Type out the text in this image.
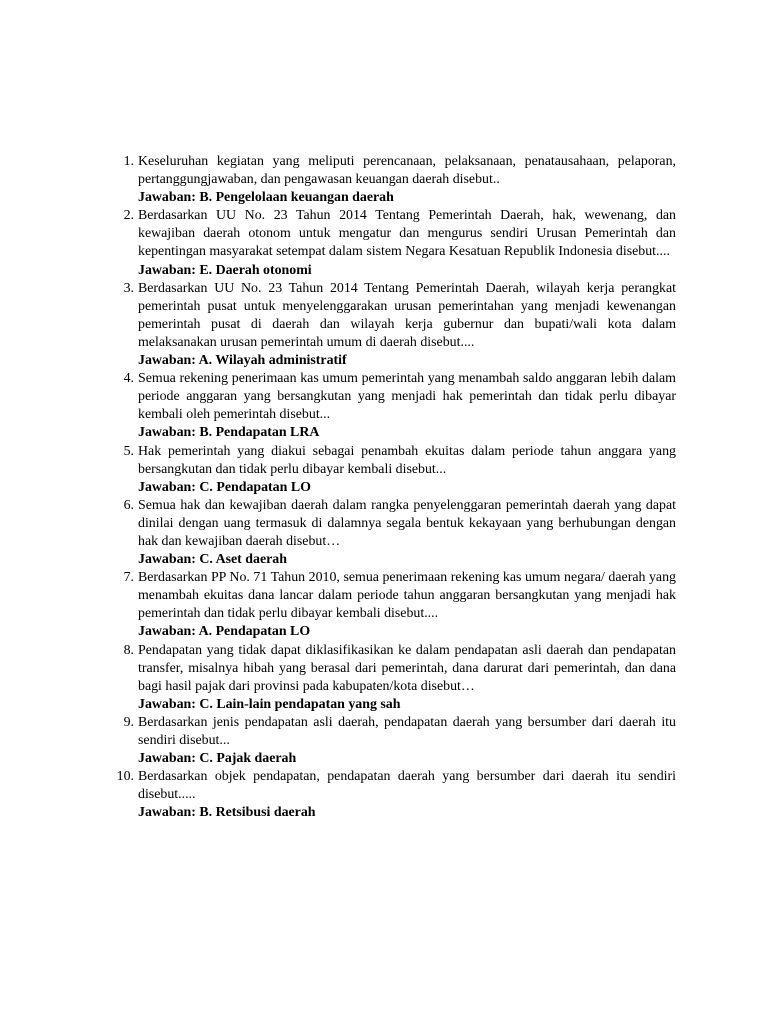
1. Keseluruhan kegiatan yang meliputi perencanaan, pelaksanaan, penatausahaan, pelaporan, pertanggungjawaban, dan pengawasan keuangan daerah disebut..
Jawaban: B. Pengelolaan keuangan daerah
2. Berdasarkan UU No. 23 Tahun 2014 Tentang Pemerintah Daerah, hak, wewenang, dan kewajiban daerah otonom untuk mengatur dan mengurus sendiri Urusan Pemerintah dan kepentingan masyarakat setempat dalam sistem Negara Kesatuan Republik Indonesia disebut....
Jawaban: E. Daerah otonomi
3. Berdasarkan UU No. 23 Tahun 2014 Tentang Pemerintah Daerah, wilayah kerja perangkat pemerintah pusat untuk menyelenggarakan urusan pemerintahan yang menjadi kewenangan pemerintah pusat di daerah dan wilayah kerja gubernur dan bupati/wali kota dalam melaksanakan urusan pemerintah umum di daerah disebut....
Jawaban: A. Wilayah administratif
4. Semua rekening penerimaan kas umum pemerintah yang menambah saldo anggaran lebih dalam periode anggaran yang bersangkutan yang menjadi hak pemerintah dan tidak perlu dibayar kembali oleh pemerintah disebut...
Jawaban: B. Pendapatan LRA
5. Hak pemerintah yang diakui sebagai penambah ekuitas dalam periode tahun anggara yang bersangkutan dan tidak perlu dibayar kembali disebut...
Jawaban: C. Pendapatan LO
6. Semua hak dan kewajiban daerah dalam rangka penyelenggaran pemerintah daerah yang dapat dinilai dengan uang termasuk di dalamnya segala bentuk kekayaan yang berhubungan dengan hak dan kewajiban daerah disebut…
Jawaban: C. Aset daerah
7. Berdasarkan PP No. 71 Tahun 2010, semua penerimaan rekening kas umum negara/ daerah yang menambah ekuitas dana lancar dalam periode tahun anggaran bersangkutan yang menjadi hak pemerintah dan tidak perlu dibayar kembali disebut....
Jawaban: A. Pendapatan LO
8. Pendapatan yang tidak dapat diklasifikasikan ke dalam pendapatan asli daerah dan pendapatan transfer, misalnya hibah yang berasal dari pemerintah, dana darurat dari pemerintah, dan dana bagi hasil pajak dari provinsi pada kabupaten/kota disebut…
Jawaban: C. Lain-lain pendapatan yang sah
9. Berdasarkan jenis pendapatan asli daerah, pendapatan daerah yang bersumber dari daerah itu sendiri disebut...
Jawaban: C. Pajak daerah
10. Berdasarkan objek pendapatan, pendapatan daerah yang bersumber dari daerah itu sendiri disebut.....
Jawaban: B. Retsibusi daerah
